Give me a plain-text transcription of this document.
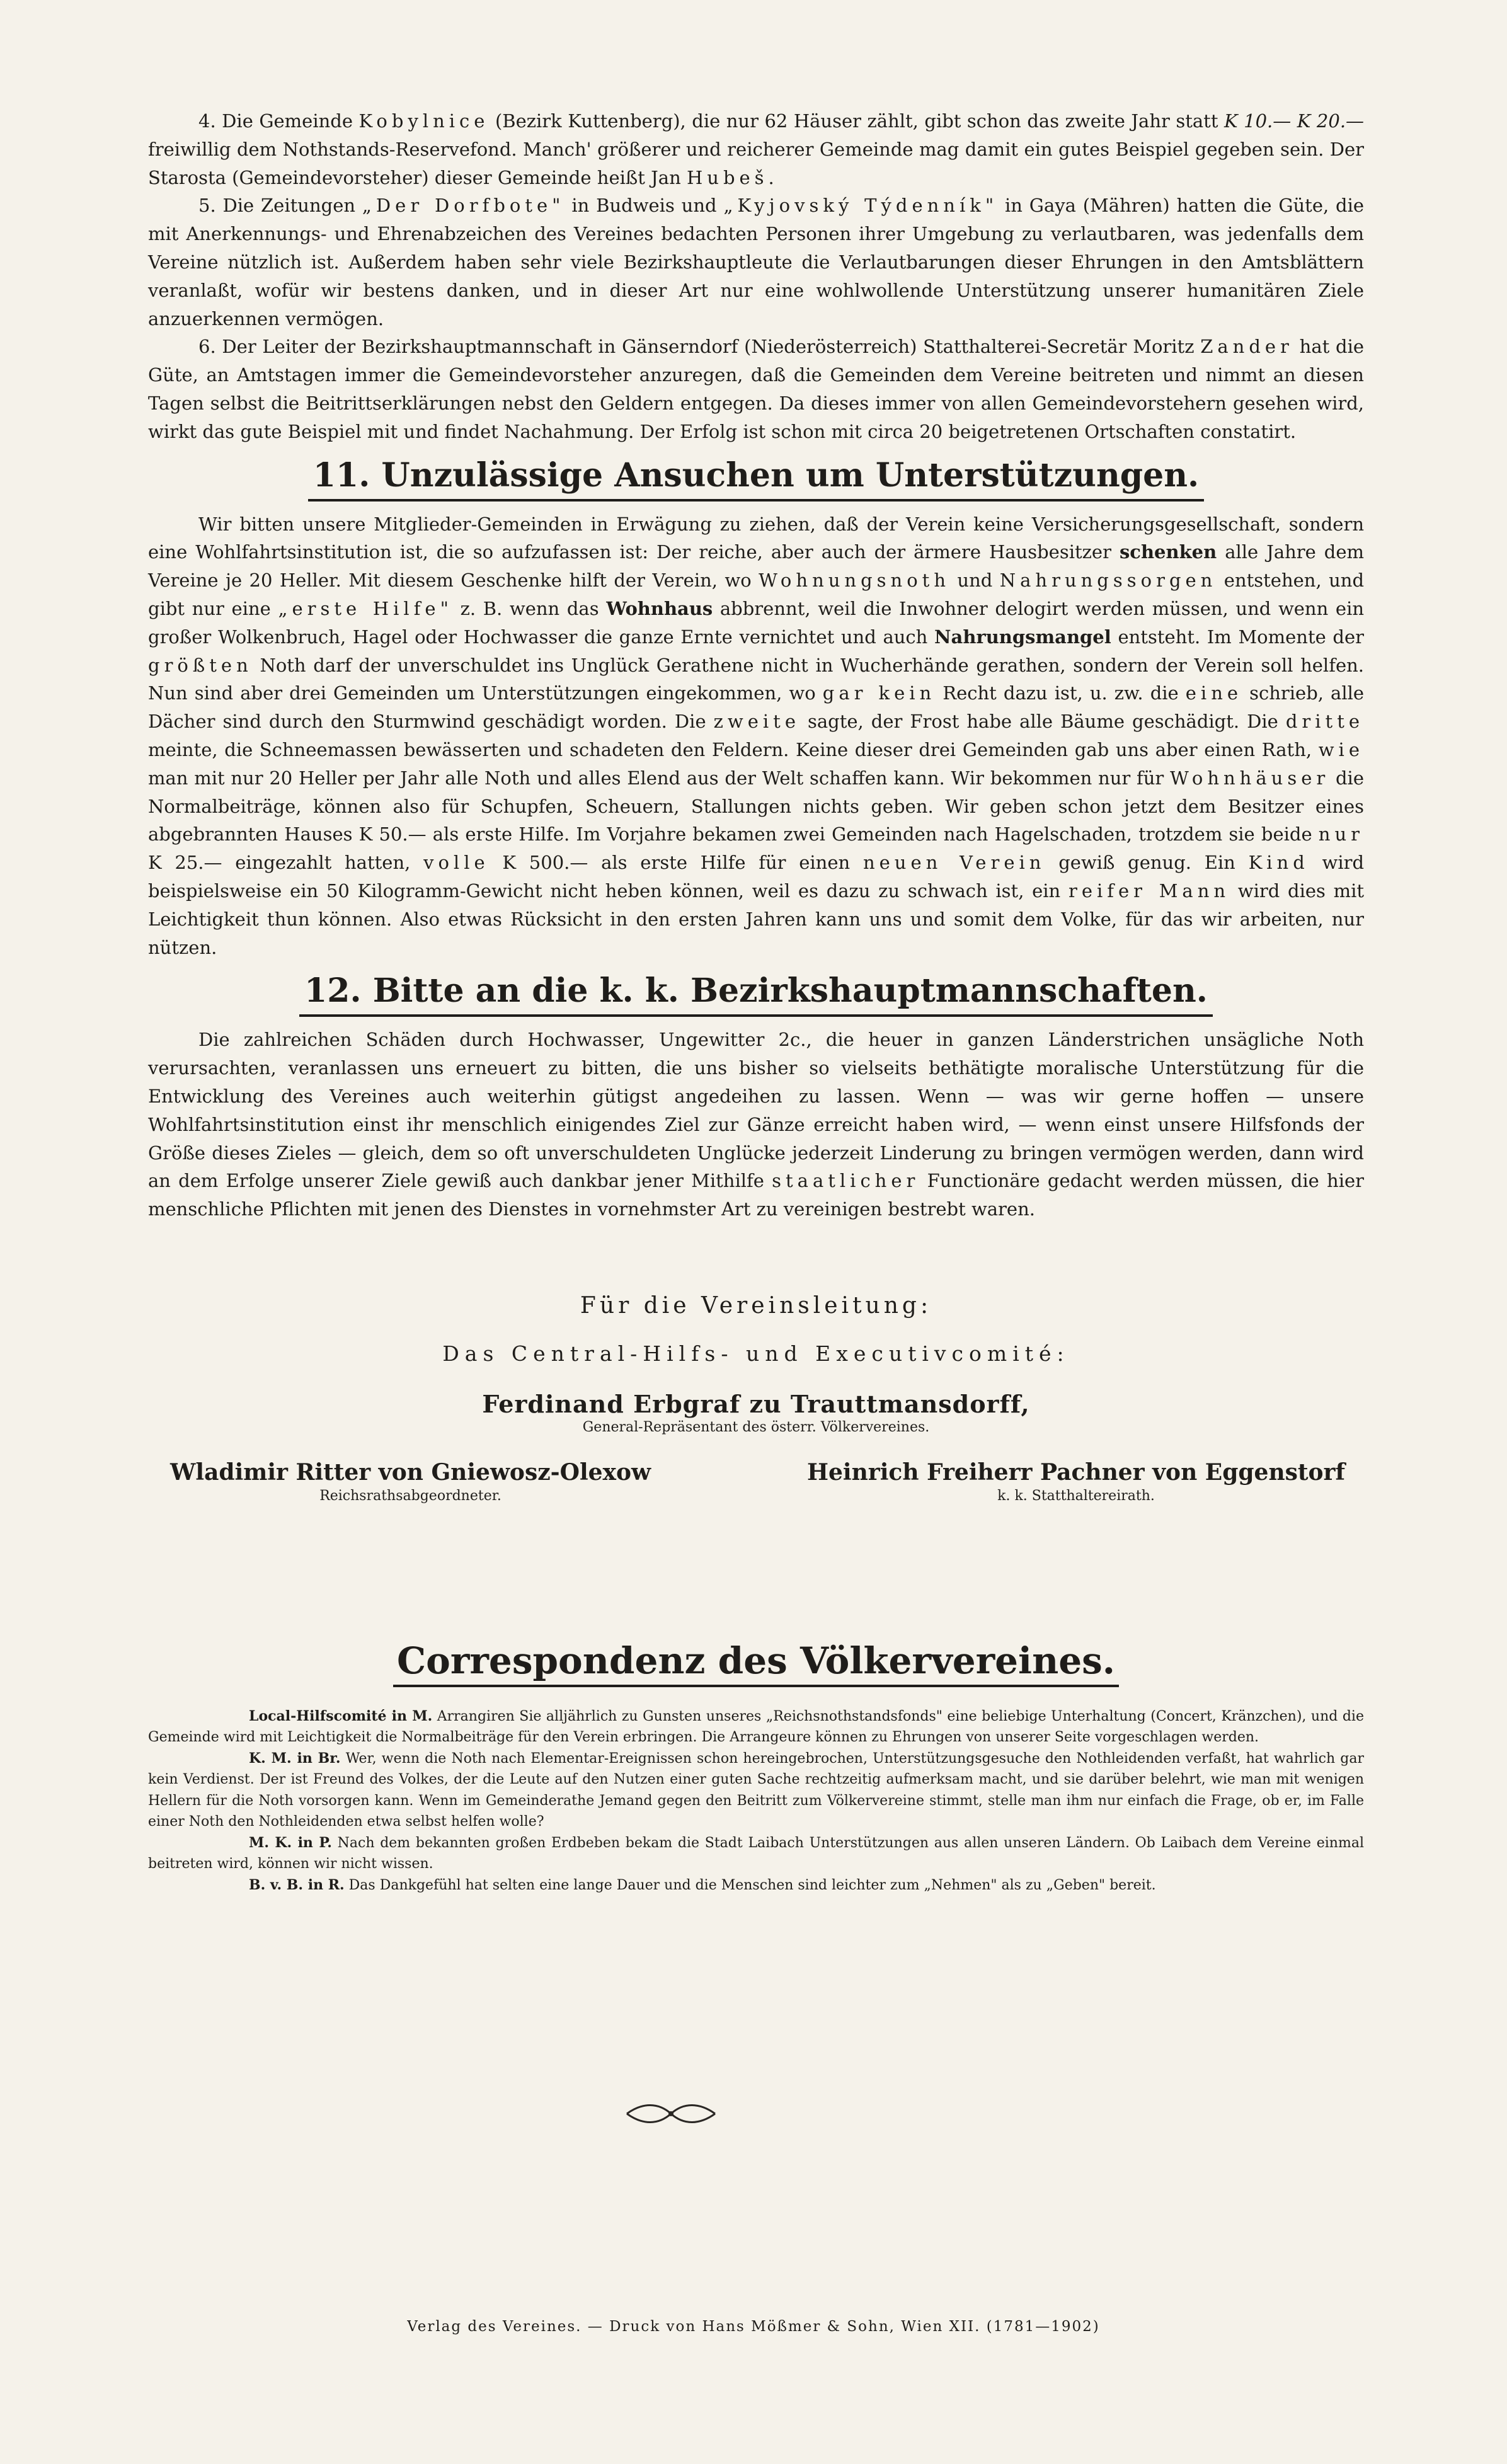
4. Die Gemeinde Kobylnice (Bezirk Kuttenberg), die nur 62 Häuser zählt, gibt schon das zweite Jahr statt K 10.— K 20.— freiwillig dem Nothstands-Reservefond. Manch' größerer und reicherer Gemeinde mag damit ein gutes Beispiel gegeben sein. Der Starosta (Gemeindevorsteher) dieser Gemeinde heißt Jan Hubeš.

5. Die Zeitungen „Der Dorfbote" in Budweis und „Kyjovský Týdenník" in Gaya (Mähren) hatten die Güte, die mit Anerkennungs- und Ehrenabzeichen des Vereines bedachten Personen ihrer Umgebung zu verlautbaren, was jedenfalls dem Vereine nützlich ist. Außerdem haben sehr viele Bezirkshauptleute die Verlautbarungen dieser Ehrungen in den Amtsblättern veranlaßt, wofür wir bestens danken, und in dieser Art nur eine wohlwollende Unterstützung unserer humanitären Ziele anzuerkennen vermögen.

6. Der Leiter der Bezirkshauptmannschaft in Gänserndorf (Niederösterreich) Statthalterei-Secretär Moritz Zander hat die Güte, an Amtstagen immer die Gemeindevorsteher anzuregen, daß die Gemeinden dem Vereine beitreten und nimmt an diesen Tagen selbst die Beitrittserklärungen nebst den Geldern entgegen. Da dieses immer von allen Gemeindevorstehern gesehen wird, wirkt das gute Beispiel mit und findet Nachahmung. Der Erfolg ist schon mit circa 20 beigetretenen Ortschaften constatirt.

11. Unzulässige Ansuchen um Unterstützungen.

Wir bitten unsere Mitglieder-Gemeinden in Erwägung zu ziehen, daß der Verein keine Versicherungsgesellschaft, sondern eine Wohlfahrtsinstitution ist, die so aufzufassen ist: Der reiche, aber auch der ärmere Hausbesitzer schenken alle Jahre dem Vereine je 20 Heller. Mit diesem Geschenke hilft der Verein, wo Wohnungsnoth und Nahrungssorgen entstehen, und gibt nur eine „erste Hilfe" z. B. wenn das Wohnhaus abbrennt, weil die Inwohner delogirt werden müssen, und wenn ein großer Wolkenbruch, Hagel oder Hochwasser die ganze Ernte vernichtet und auch Nahrungsmangel entsteht. Im Momente der größten Noth darf der unverschuldet ins Unglück Gerathene nicht in Wucherhände gerathen, sondern der Verein soll helfen. Nun sind aber drei Gemeinden um Unterstützungen eingekommen, wo gar kein Recht dazu ist, u. zw. die eine schrieb, alle Dächer sind durch den Sturmwind geschädigt worden. Die zweite sagte, der Frost habe alle Bäume geschädigt. Die dritte meinte, die Schneemassen bewässerten und schadeten den Feldern. Keine dieser drei Gemeinden gab uns aber einen Rath, wie man mit nur 20 Heller per Jahr alle Noth und alles Elend aus der Welt schaffen kann. Wir bekommen nur für Wohnhäuser die Normalbeiträge, können also für Schupfen, Scheuern, Stallungen nichts geben. Wir geben schon jetzt dem Besitzer eines abgebrannten Hauses K 50.— als erste Hilfe. Im Vorjahre bekamen zwei Gemeinden nach Hagelschaden, trotzdem sie beide nur K 25.— eingezahlt hatten, volle K 500.— als erste Hilfe für einen neuen Verein gewiß genug. Ein Kind wird beispielsweise ein 50 Kilogramm-Gewicht nicht heben können, weil es dazu zu schwach ist, ein reifer Mann wird dies mit Leichtigkeit thun können. Also etwas Rücksicht in den ersten Jahren kann uns und somit dem Volke, für das wir arbeiten, nur nützen.

12. Bitte an die k. k. Bezirkshauptmannschaften.

Die zahlreichen Schäden durch Hochwasser, Ungewitter 2c., die heuer in ganzen Länderstrichen unsägliche Noth verursachten, veranlassen uns erneuert zu bitten, die uns bisher so vielseits bethätigte moralische Unterstützung für die Entwicklung des Vereines auch weiterhin gütigst angedeihen zu lassen. Wenn — was wir gerne hoffen — unsere Wohlfahrtsinstitution einst ihr menschlich einigendes Ziel zur Gänze erreicht haben wird, — wenn einst unsere Hilfsfonds der Größe dieses Zieles — gleich, dem so oft unverschuldeten Unglücke jederzeit Linderung zu bringen vermögen werden, dann wird an dem Erfolge unserer Ziele gewiß auch dankbar jener Mithilfe staatlicher Functionäre gedacht werden müssen, die hier menschliche Pflichten mit jenen des Dienstes in vornehmster Art zu vereinigen bestrebt waren.

Für die Vereinsleitung:
Das Central-Hilfs- und Executivcomité:
Ferdinand Erbgraf zu Trauttmansdorff,
General-Repräsentant des österr. Völkervereines.
Wladimir Ritter von Gniewosz-Olexow
Reichsrathsabgeordneter.
Heinrich Freiherr Pachner von Eggenstorf
k. k. Statthaltereirath.
Correspondenz des Völkervereines.

Local-Hilfscomité in M. Arrangiren Sie alljährlich zu Gunsten unseres „Reichsnothstandsfonds" eine beliebige Unterhaltung (Concert, Kränzchen), und die Gemeinde wird mit Leichtigkeit die Normalbeiträge für den Verein erbringen. Die Arrangeure können zu Ehrungen von unserer Seite vorgeschlagen werden.

K. M. in Br. Wer, wenn die Noth nach Elementar-Ereignissen schon hereingebrochen, Unterstützungsgesuche den Nothleidenden verfaßt, hat wahrlich gar kein Verdienst. Der ist Freund des Volkes, der die Leute auf den Nutzen einer guten Sache rechtzeitig aufmerksam macht, und sie darüber belehrt, wie man mit wenigen Hellern für die Noth vorsorgen kann. Wenn im Gemeinderathe Jemand gegen den Beitritt zum Völkervereine stimmt, stelle man ihm nur einfach die Frage, ob er, im Falle einer Noth den Nothleidenden etwa selbst helfen wolle?

M. K. in P. Nach dem bekannten großen Erdbeben bekam die Stadt Laibach Unterstützungen aus allen unseren Ländern. Ob Laibach dem Vereine einmal beitreten wird, können wir nicht wissen.

B. v. B. in R. Das Dankgefühl hat selten eine lange Dauer und die Menschen sind leichter zum „Nehmen" als zu „Geben" bereit.

Verlag des Vereines. — Druck von Hans Mößmer & Sohn, Wien XII. (1781—1902)
